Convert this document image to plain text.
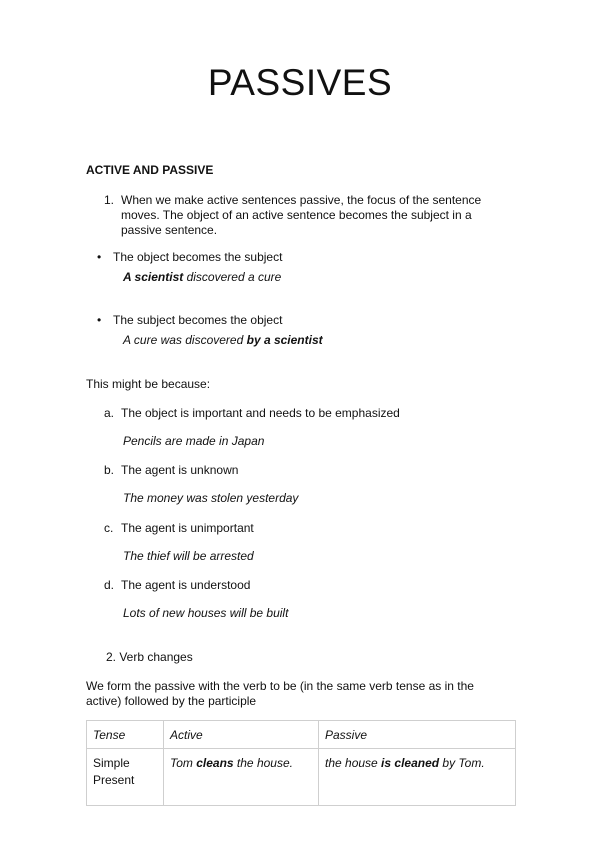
PASSIVES
ACTIVE AND PASSIVE
1. When we make active sentences passive, the focus of the sentence moves. The object of an active sentence becomes the subject in a passive sentence.
• The object becomes the subject
A scientist discovered a cure
• The subject becomes the object
A cure was discovered by a scientist
This might be because:
a. The object is important and needs to be emphasized
Pencils are made in Japan
b. The agent is unknown
The money was stolen yesterday
c. The agent is unimportant
The thief will be arrested
d. The agent is understood
Lots of new houses will be built
2. Verb changes
We form the passive with the verb to be (in the same verb tense as in the active) followed by the participle
Tense	Active	Passive
Simple Present	Tom cleans the house.	the house is cleaned by Tom.
